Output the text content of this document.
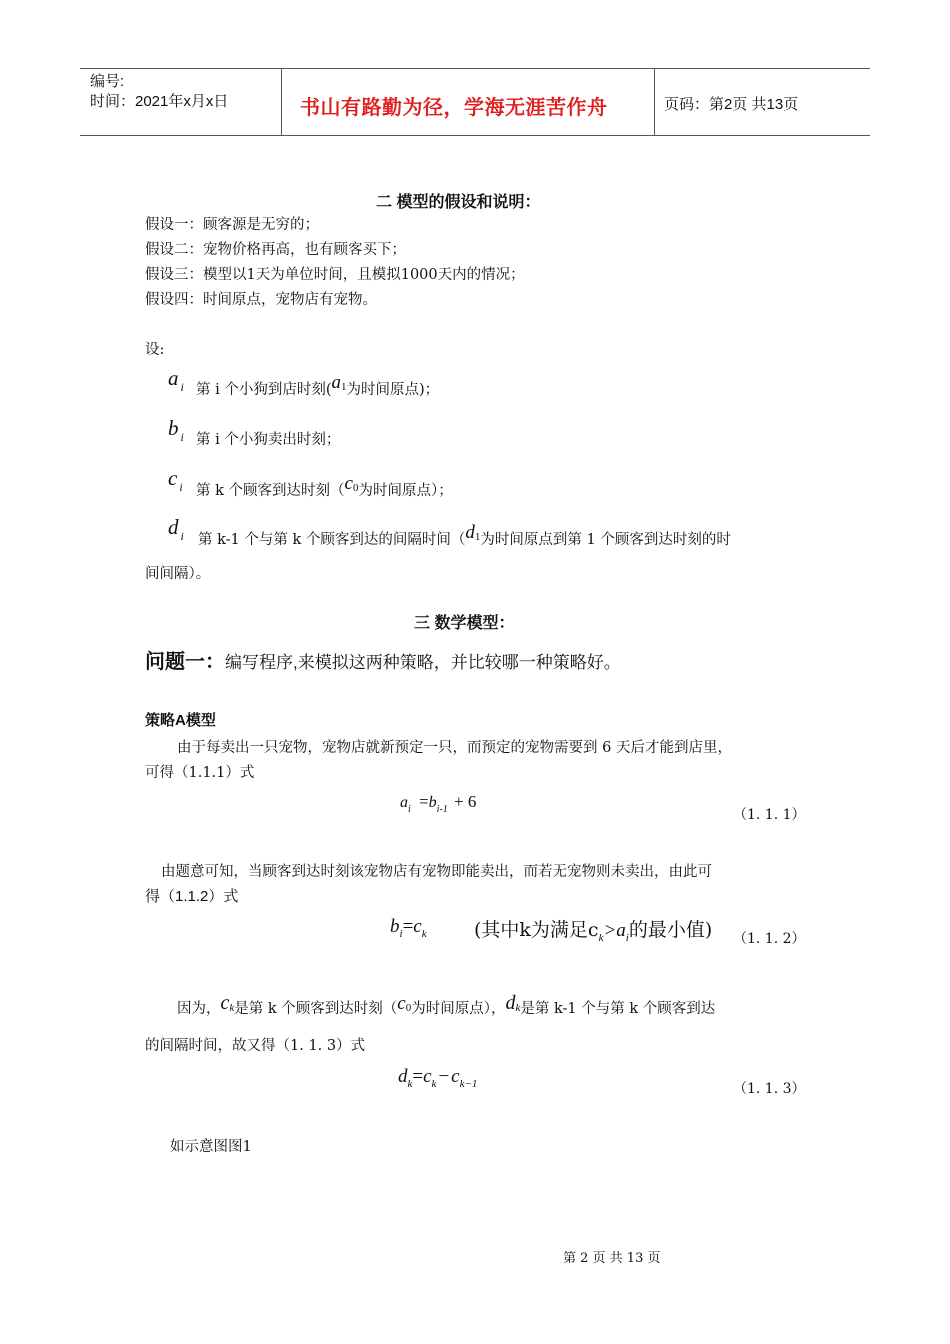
编号:
时间：2021年x月x日	书山有路勤为径，学海无涯苦作舟	页码：第2页 共13页
二 模型的假设和说明：
假设一：顾客源是无穷的；
假设二：宠物价格再高，也有顾客买下；
假设三：模型以1天为单位时间，且模拟1000天内的情况；
假设四：时间原点，宠物店有宠物。
设:
a $_i$ 第 i 个小狗到店时刻($a^1$为时间原点)；
b $_i$ 第 i 个小狗卖出时刻；
c $_i$ 第 k 个顾客到达时刻（$c^0$为时间原点）；
d $_i$ 第 k-1 个与第 k 个顾客到达的间隔时间（$d^1$为时间原点到第 1 个顾客到达时刻的时
间间隔）。
三 数学模型：
问题一：编写程序,来模拟这两种策略，并比较哪一种策略好。
策略A模型
由于每卖出一只宠物，宠物店就新预定一只，而预定的宠物需要到 6 天后才能到店里，
可得（1.1.1）式
$a_i =b_{i-1} + 6$
（1. 1. 1）
由题意可知，当顾客到达时刻该宠物店有宠物即能卖出，而若无宠物则未卖出，由此可
得（1.1.2）式
$b_i=c_k$ (其中k为满足$c_k>a_i$的最小值) （1. 1. 2）
因为，ck是第 k 个顾客到达时刻（c0为时间原点），dk是第 k-1 个与第 k 个顾客到达
的间隔时间，故又得（1. 1. 3）式
$d_k=c_k - c_{k-1}$	（1. 1. 3）
如示意图图1
第 2 页 共 13 页
